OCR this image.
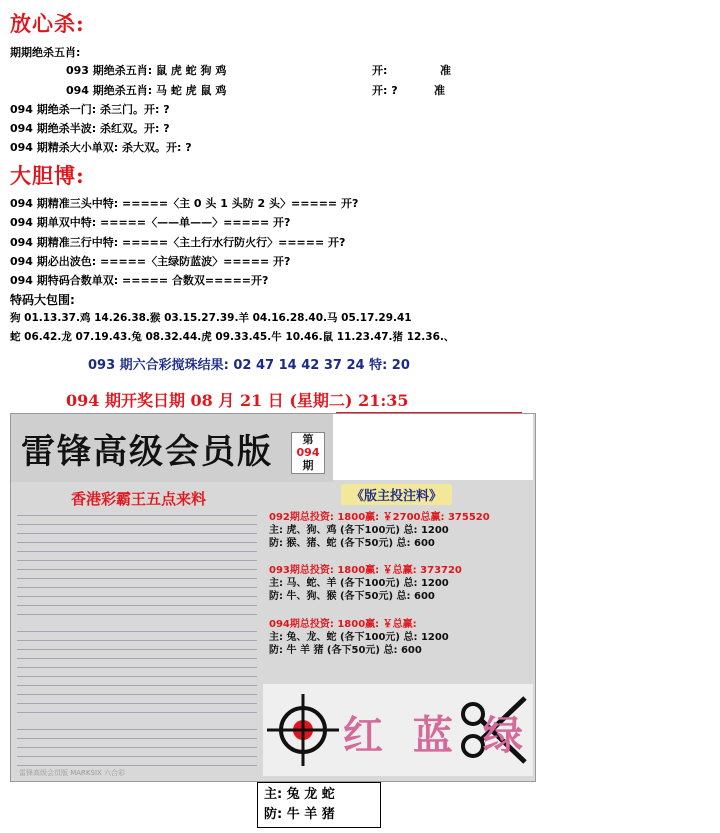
放心杀:
期期绝杀五肖:
093 期绝杀五肖: 鼠 虎 蛇 狗 鸡	开:	准
094 期绝杀五肖: 马 蛇 虎 鼠 鸡	开: ?	准
094 期绝杀一门: 杀三门。开: ?
094 期绝杀半波: 杀红双。开: ?
094 期精杀大小单双: 杀大双。开: ?
大胆博:
094 期精准三头中特: =====〈主 0 头 1 头防 2 头〉===== 开?
094 期单双中特: =====〈——单——〉===== 开?
094 期精准三行中特: =====〈主土行水行防火行〉===== 开?
094 期必出波色: =====〈主绿防蓝波〉===== 开?
094 期特码合数单双: ===== 合数双=====开?
特码大包围:
狗 01.13.37.鸡 14.26.38.猴 03.15.27.39.羊 04.16.28.40.马 05.17.29.41
蛇 06.42.龙 07.19.43.兔 08.32.44.虎 09.33.45.牛 10.46.鼠 11.23.47.猪 12.36.、
093 期六合彩搅珠结果: 02 47 14 42 37 24 特: 20
094 期开奖日期 08 月 21 日 (星期二) 21:35
雷锋高级会员版	第
094
期
香港彩霸王五点来料	《版主投注料》
092期总投资: 1800赢: ￥2700总赢: 375520
主: 虎、狗、鸡 (各下100元) 总: 1200
防: 猴、猪、蛇 (各下50元) 总: 600
093期总投资: 1800赢: ￥总赢: 373720
主: 马、蛇、羊 (各下100元) 总: 1200
防: 牛、狗、猴 (各下50元) 总: 600
094期总投资: 1800赢: ￥总赢:
主: 兔、龙、蛇 (各下100元) 总: 1200
防: 牛 羊 猪 (各下50元) 总: 600
红 蓝 绿
雷锋高级会员版 MARKSIX 六合彩
主: 兔 龙 蛇
防: 牛 羊 猪
